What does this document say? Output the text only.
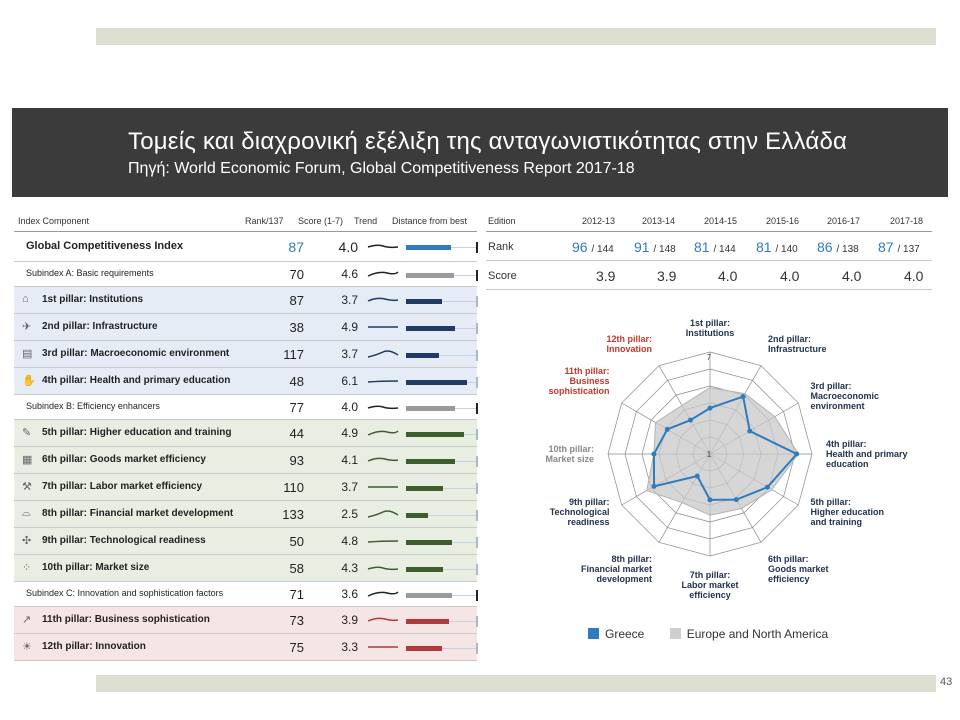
Τομείς και διαχρονική εξέλιξη της ανταγωνιστικότητας στην Ελλάδα
Πηγή: World Economic Forum, Global Competitiveness Report 2017-18
Index Component	Rank/137 Score (1-7) Trend Distance from best
Global Competitiveness Index	87	4.0
Subindex A: Basic requirements	70	4.6
⌂ 1st pillar: Institutions	87	3.7
✈ 2nd pillar: Infrastructure	38	4.9
▤ 3rd pillar: Macroeconomic environment	117	3.7
✋ 4th pillar: Health and primary education	48	6.1
Subindex B: Efficiency enhancers	77	4.0
✎ 5th pillar: Higher education and training	44	4.9
▦ 6th pillar: Goods market efficiency	93	4.1
⚒ 7th pillar: Labor market efficiency	110	3.7
⌓ 8th pillar: Financial market development	133	2.5
✣ 9th pillar: Technological readiness	50	4.8
⁘ 10th pillar: Market size	58	4.3
Subindex C: Innovation and sophistication factors	71	3.6
↗ 11th pillar: Business sophistication	73	3.9
☀ 12th pillar: Innovation	75	3.3
Edition	2012-13	2013-14	2014-15	2015-16	2016-17	2017-18
Rank	96 / 144 91 / 148 81 / 144 81 / 140 86 / 138 87 / 137
Score	3.9	3.9	4.0	4.0	4.0	4.0
7
1
1st pillar:
Institutions
2nd pillar:
Infrastructure
3rd pillar:
Macroeconomic
environment
4th pillar:
Health and primary
education
5th pillar:
Higher education
and training
6th pillar:
Goods market
efficiency
7th pillar:
Labor market
efficiency
8th pillar:
Financial market
development
9th pillar:
Technological
readiness
10th pillar:
Market size
11th pillar:
Business
sophistication
12th pillar:
Innovation
Greece	Europe and North America
43
